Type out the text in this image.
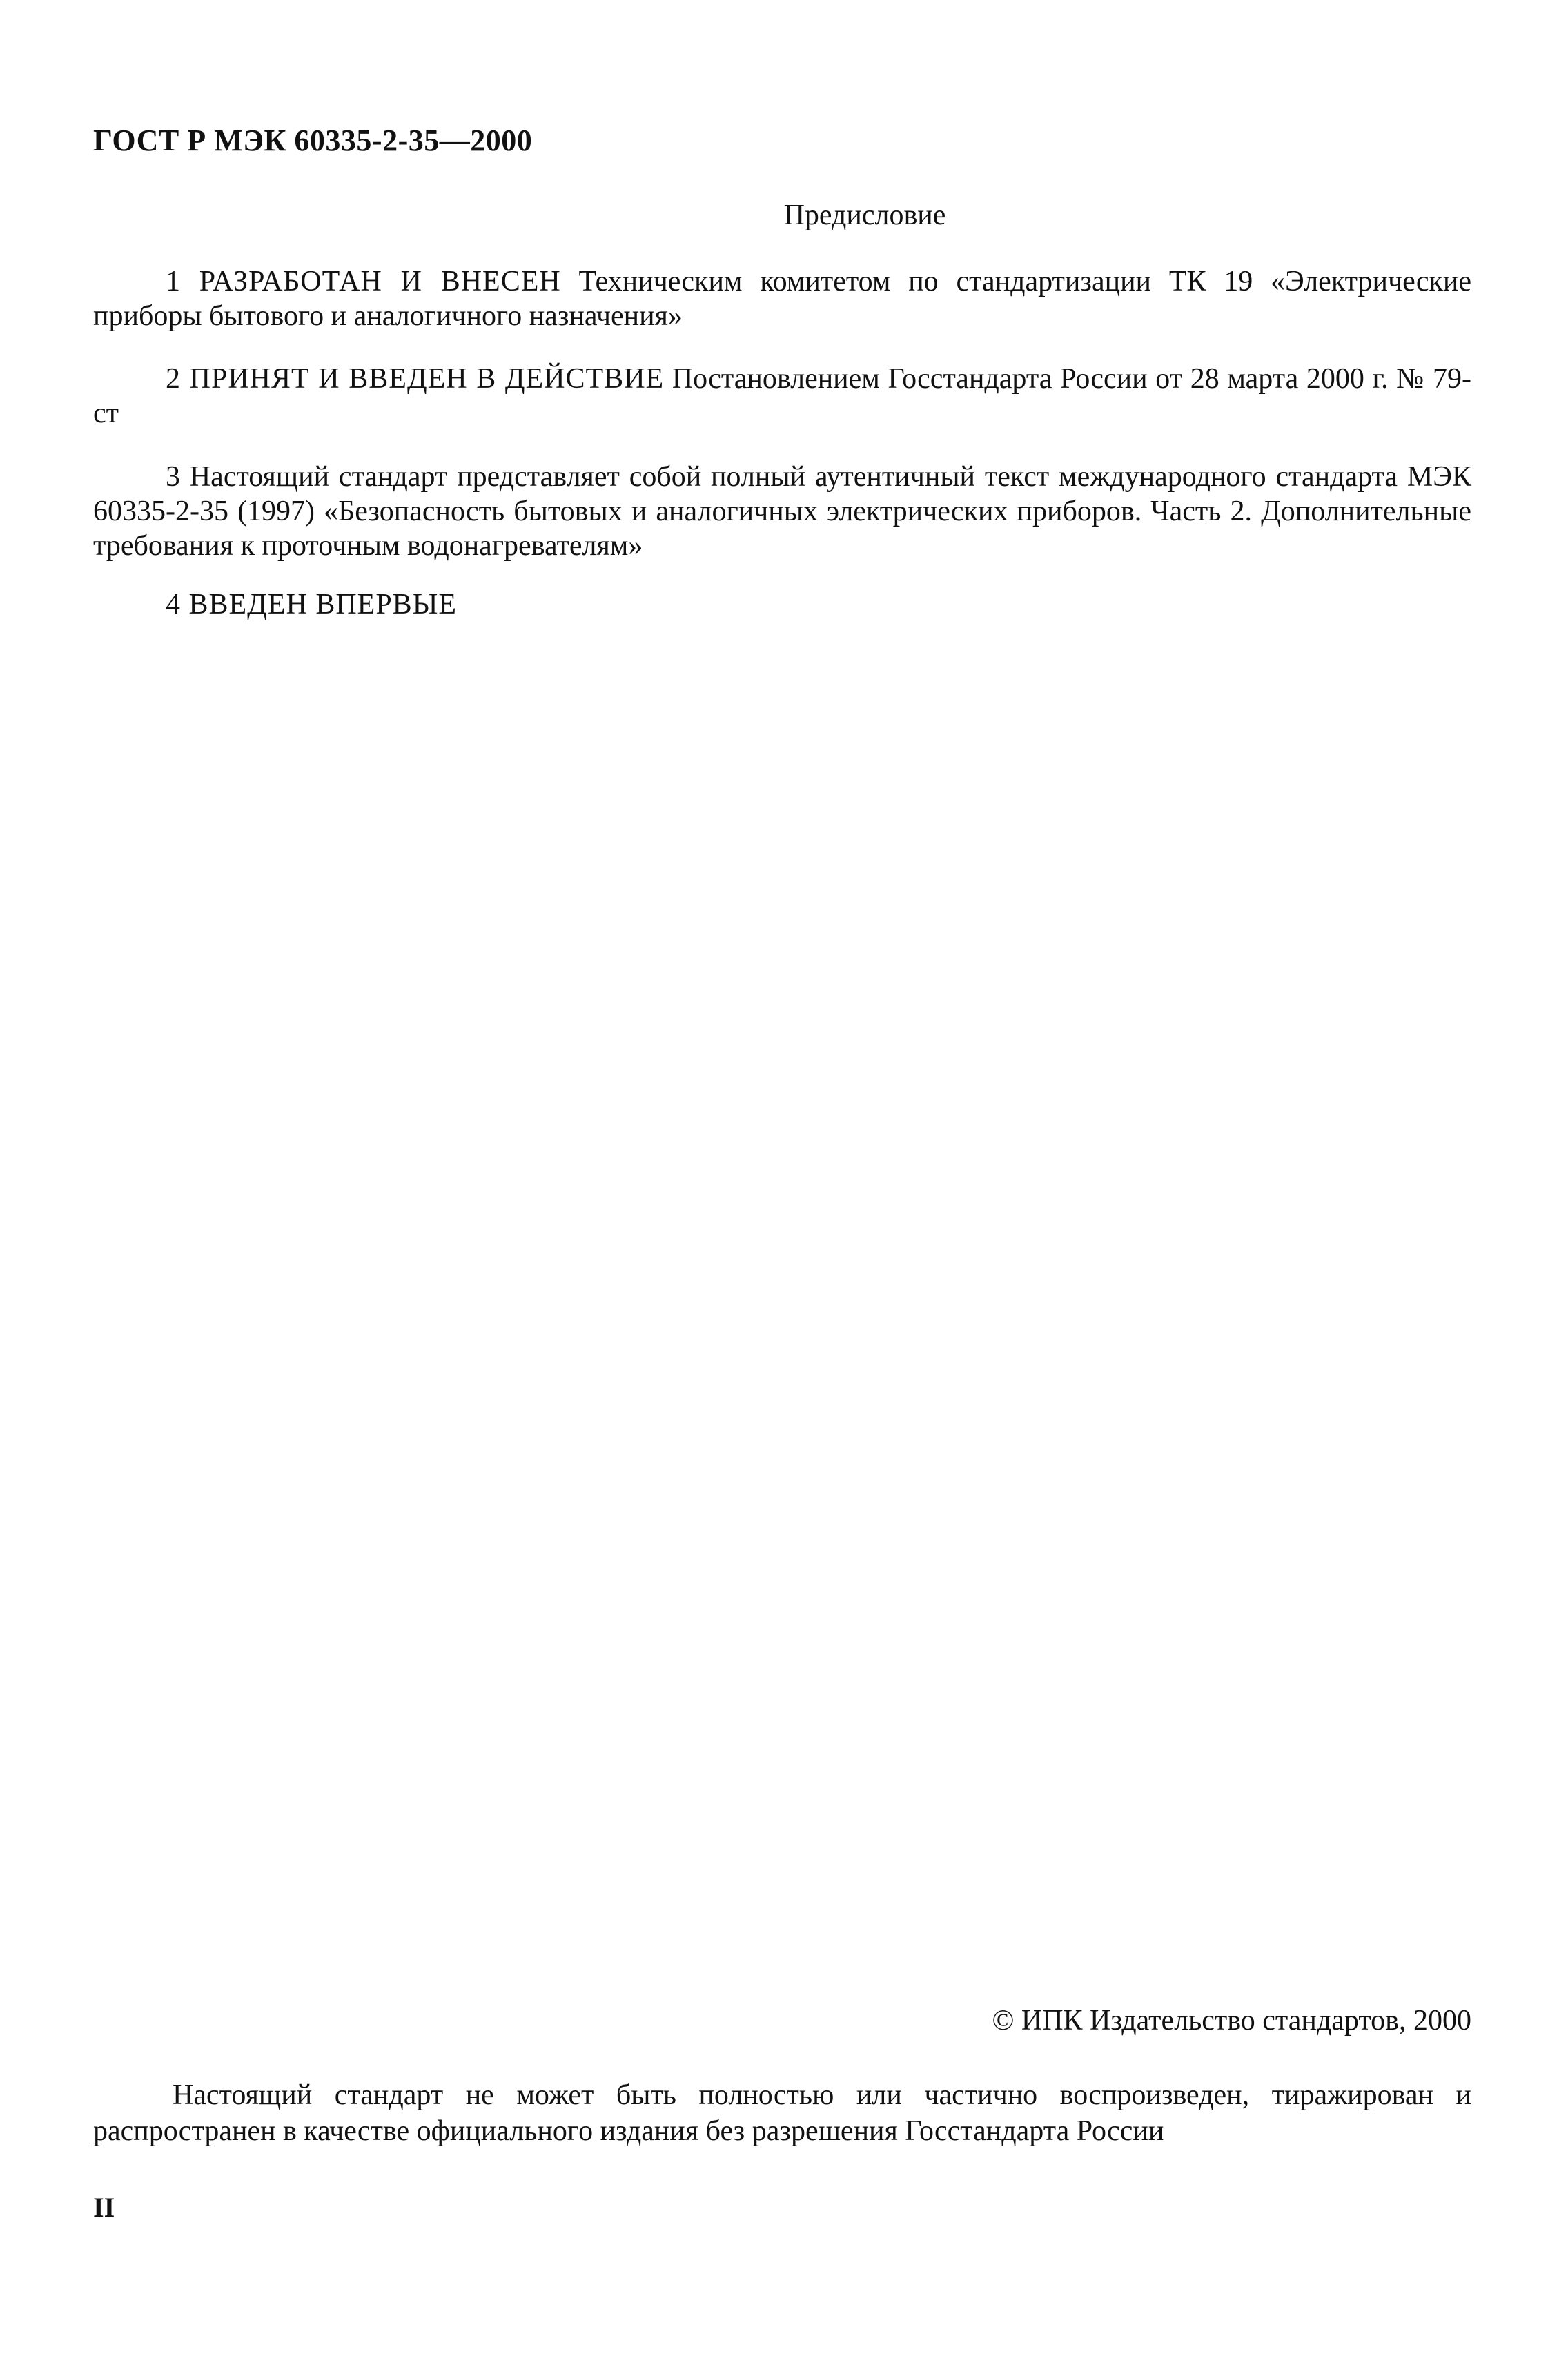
ГОСТ Р МЭК 60335-2-35—2000
Предисловие

1 РАЗРАБОТАН И ВНЕСЕН Техническим комитетом по стандартизации ТК 19 «Электрические приборы бытового и аналогичного назначения»

2 ПРИНЯТ И ВВЕДЕН В ДЕЙСТВИЕ Постановлением Госстандарта России от 28 марта 2000 г. № 79-ст

3 Настоящий стандарт представляет собой полный аутентичный текст международного стандарта МЭК 60335-2-35 (1997) «Безопасность бытовых и аналогичных электрических приборов. Часть 2. Дополнительные требования к проточным водонагревателям»

4 ВВЕДЕН ВПЕРВЫЕ

© ИПК Издательство стандартов, 2000

Настоящий стандарт не может быть полностью или частично воспроизведен, тиражирован и распространен в качестве официального издания без разрешения Госстандарта России

II
